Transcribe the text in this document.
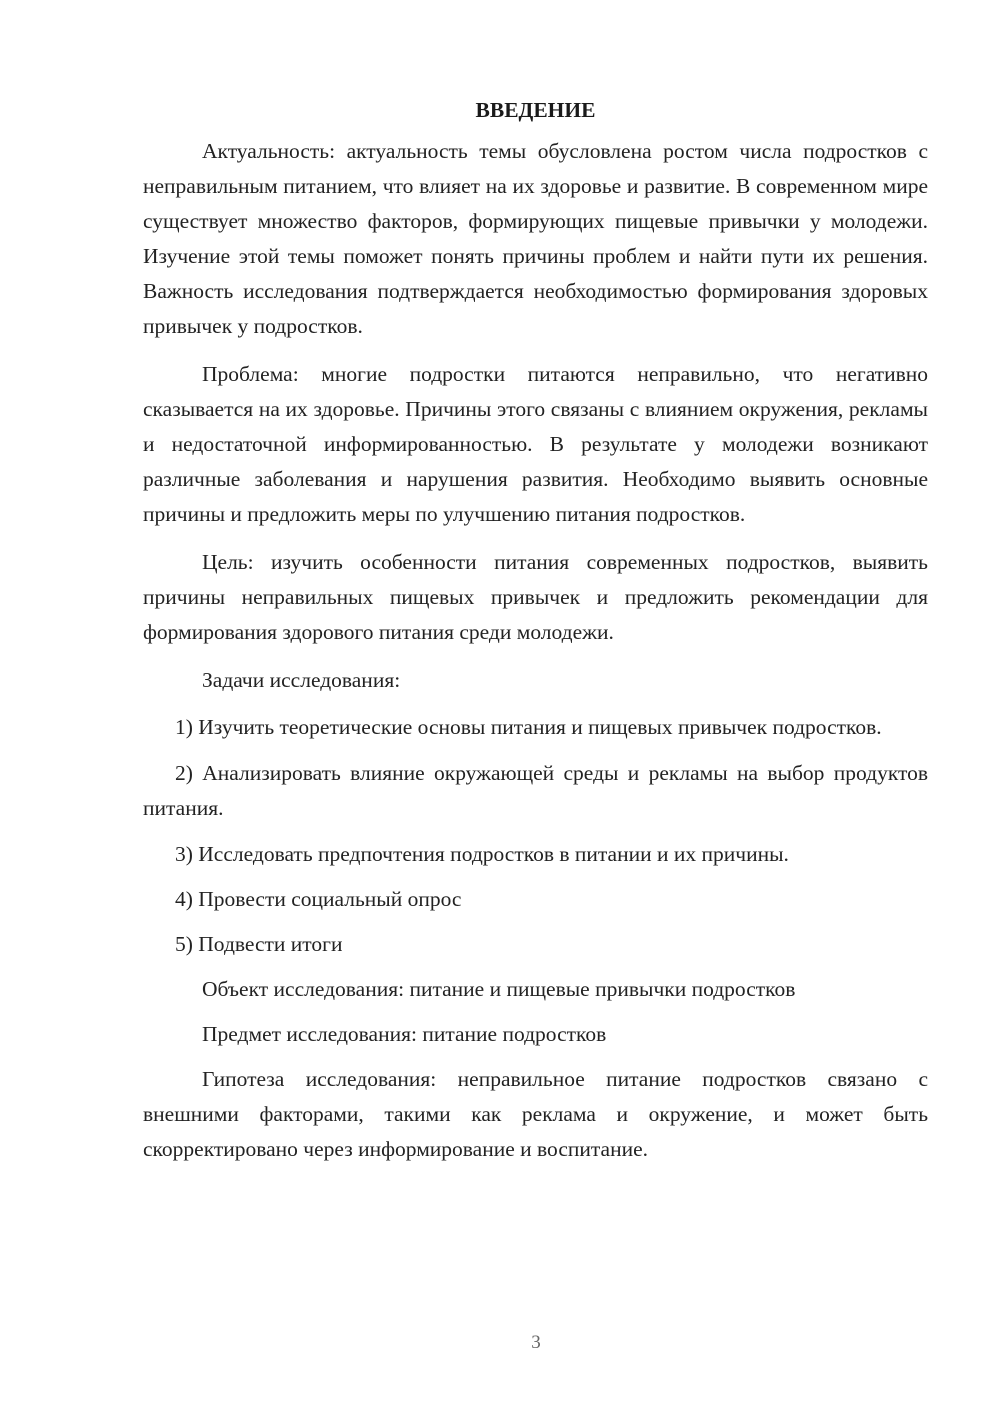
ВВЕДЕНИЕ

Актуальность: актуальность темы обусловлена ростом числа подростков с неправильным питанием, что влияет на их здоровье и развитие. В современном мире существует множество факторов, формирующих пищевые привычки у молодежи. Изучение этой темы поможет понять причины проблем и найти пути их решения. Важность исследования подтверждается необходимостью формирования здоровых привычек у подростков.

Проблема: многие подростки питаются неправильно, что негативно сказывается на их здоровье. Причины этого связаны с влиянием окружения, рекламы и недостаточной информированностью. В результате у молодежи возникают различные заболевания и нарушения развития. Необходимо выявить основные причины и предложить меры по улучшению питания подростков.

Цель: изучить особенности питания современных подростков, выявить причины неправильных пищевых привычек и предложить рекомендации для формирования здорового питания среди молодежи.

Задачи исследования:

1) Изучить теоретические основы питания и пищевых привычек подростков.

2) Анализировать влияние окружающей среды и рекламы на выбор продуктов питания.

3) Исследовать предпочтения подростков в питании и их причины.

4) Провести социальный опрос

5) Подвести итоги

Объект исследования: питание и пищевые привычки подростков

Предмет исследования: питание подростков

Гипотеза исследования: неправильное питание подростков связано с внешними факторами, такими как реклама и окружение, и может быть скорректировано через информирование и воспитание.

3
